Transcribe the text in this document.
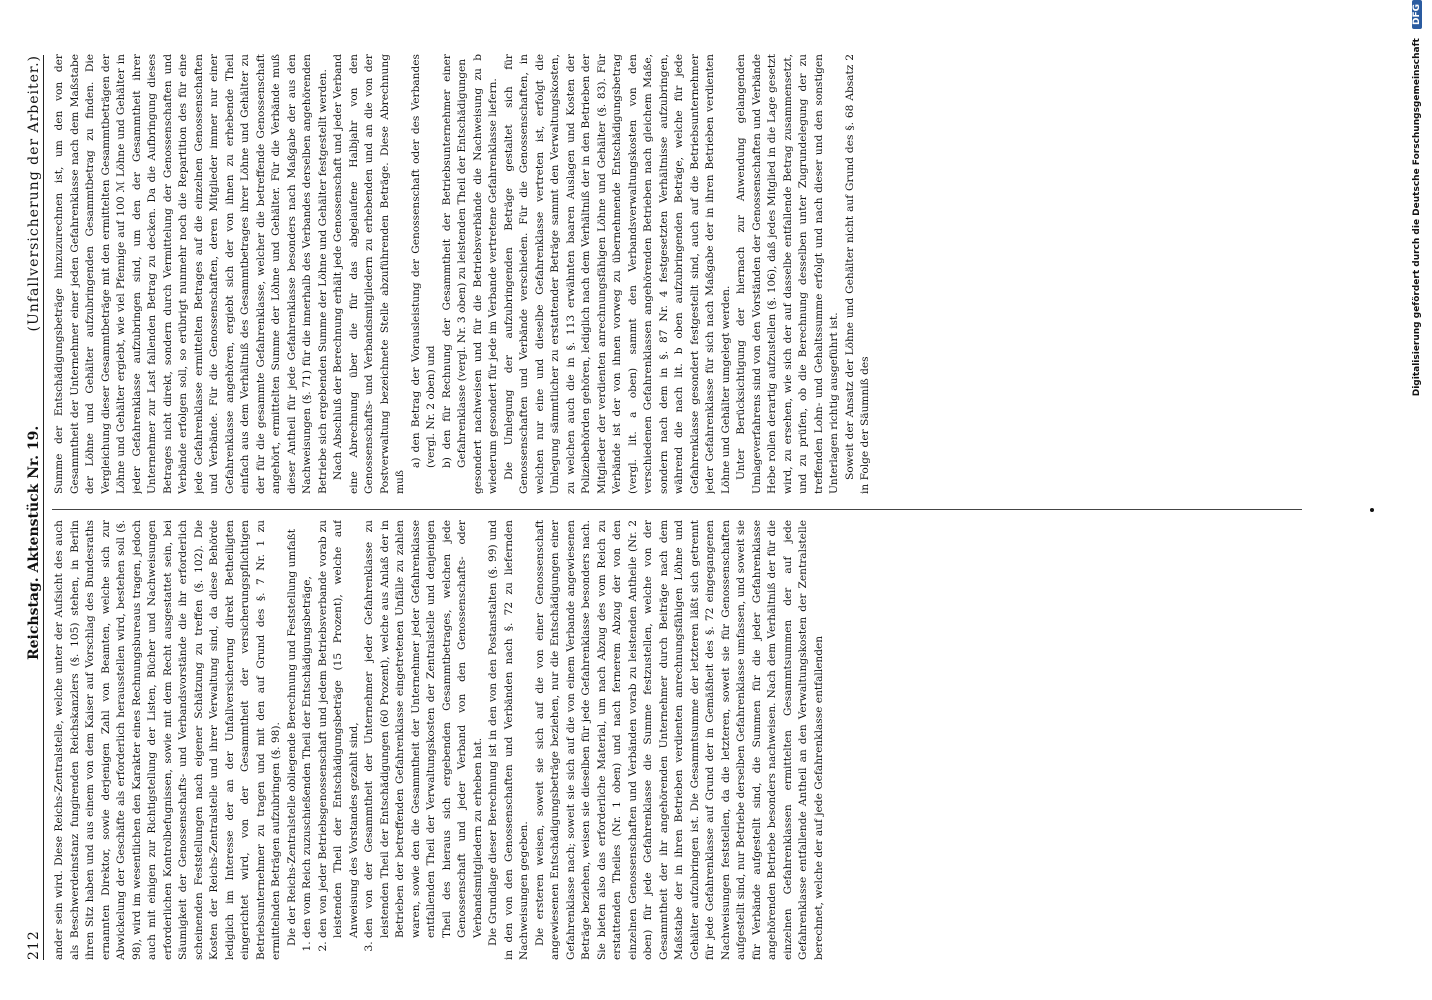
212
Reichstag. Aktenstück Nr. 19.
(Unfallversicherung der Arbeiter.)

ander sein wird. Diese Reichs-Zentralstelle, welche unter der Aufsicht des auch als Beschwerdeinstanz fungirenden Reichskanzlers (§. 105) stehen, in Berlin ihren Sitz haben und aus einem von dem Kaiser auf Vorschlag des Bundesraths ernannten Direktor, sowie derjenigen Zahl von Beamten, welche sich zur Abwickelung der Geschäfte als erforderlich herausstellen wird, bestehen soll (§. 98), wird im wesentlichen den Karakter eines Rechnungsbureaus tragen, jedoch auch mit einigen zur Richtigstellung der Listen, Bücher und Nachweisungen erforderlichen Kontrolbefugnissen, sowie mit dem Recht ausgestattet sein, bei Säumigkeit der Genossenschafts- und Verbandsvorstände die ihr erforderlich scheinenden Feststellungen nach eigener Schätzung zu treffen (§. 102). Die Kosten der Reichs-Zentralstelle und ihrer Verwaltung sind, da diese Behörde lediglich im Interesse der an der Unfallversicherung direkt Betheiligten eingerichtet wird, von der Gesammtheit der versicherungspflichtigen Betriebsunternehmer zu tragen und mit den auf Grund des §. 7 Nr. 1 zu ermittelnden Beträgen aufzubringen (§. 98). Die der Reichs-Zentralstelle obliegende Berechnung und Feststellung umfaßt 1. den vom Reich zuzuschießenden Theil der Entschädigungsbeträge, 2. den von jeder Betriebsgenossenschaft und jedem Betriebsverbande vorab zu leistenden Theil der Entschädigungsbeträge (15 Prozent), welche auf Anweisung des Vorstandes gezahlt sind, 3. den von der Gesammtheit der Unternehmer jeder Gefahrenklasse zu leistenden Theil der Entschädigungen (60 Prozent), welche aus Anlaß der in Betrieben der betreffenden Gefahrenklasse eingetretenen Unfälle zu zahlen waren, sowie den die Gesammtheit der Unternehmer jeder Gefahrenklasse entfallenden Theil der Verwaltungskosten der Zentralstelle und denjenigen Theil des hieraus sich ergebenden Gesammtbetrages, welchen jede Genossenschaft und jeder Verband von den Genossenschafts- oder Verbandsmitgliedern zu erheben hat. Die Grundlage dieser Berechnung ist in den von den Postanstalten (§. 99) und in den von den Genossenschaften und Verbänden nach §. 72 zu liefernden Nachweisungen gegeben. Die ersteren weisen, soweit sie sich auf die von einer Genossenschaft angewiesenen Entschädigungsbeträge beziehen, nur die Entschädigungen einer Gefahrenklasse nach; soweit sie sich auf die von einem Verbande angewiesenen Beträge beziehen, weisen sie dieselben für jede Gefahrenklasse besonders nach. Sie bieten also das erforderliche Material, um nach Abzug des vom Reich zu erstattenden Theiles (Nr. 1 oben) und nach fernerem Abzug der von den einzelnen Genossenschaften und Verbänden vorab zu leistenden Antheile (Nr. 2 oben) für jede Gefahrenklasse die Summe festzustellen, welche von der Gesammtheit der ihr angehörenden Unternehmer durch Beiträge nach dem Maßstabe der in ihren Betrieben verdienten anrechnungsfähigen Löhne und Gehälter aufzubringen ist. Die Gesammtsumme der letzteren läßt sich getrennt für jede Gefahrenklasse auf Grund der in Gemäßheit des §. 72 eingegangenen Nachweisungen feststellen, da die letzteren, soweit sie für Genossenschaften aufgestellt sind, nur Betriebe derselben Gefahrenklasse umfassen, und soweit sie für Verbände aufgestellt sind, die Summen für die jeder Gefahrenklasse angehörenden Betriebe besonders nachweisen. Nach dem Verhältniß der für die einzelnen Gefahrenklassen ermittelten Gesammtsummen der auf jede Gefahrenklasse entfallende Antheil an den Verwaltungskosten der Zentralstelle berechnet, welche der auf jede Gefahrenklasse entfallenden

Summe der Entschädigungsbeträge hinzuzurechnen ist, um den von der Gesammtheit der Unternehmer einer jeden Gefahrenklasse nach dem Maßstabe der Löhne und Gehälter aufzubringenden Gesammtbetrag zu finden. Die Vergleichung dieser Gesammtbeträge mit den ermittelten Gesammtbeträgen der Löhne und Gehälter ergiebt, wie viel Pfennige auf 100 ℳ Löhne und Gehälter in jeder Gefahrenklasse aufzubringen sind, um den der Gesammtheit ihrer Unternehmer zur Last fallenden Betrag zu decken. Da die Aufbringung dieses Betrages nicht direkt, sondern durch Vermittelung der Genossenschaften und Verbände erfolgen soll, so erübrigt nunmehr noch die Repartition des für eine jede Gefahrenklasse ermittelten Betrages auf die einzelnen Genossenschaften und Verbände. Für die Genossenschaften, deren Mitglieder immer nur einer Gefahrenklasse angehören, ergiebt sich der von ihnen zu erhebende Theil einfach aus dem Verhältniß des Gesammtbetrages ihrer Löhne und Gehälter zu der für die gesammte Gefahrenklasse, welcher die betreffende Genossenschaft angehört, ermittelten Summe der Löhne und Gehälter. Für die Verbände muß dieser Antheil für jede Gefahrenklasse besonders nach Maßgabe der aus den Nachweisungen (§. 71) für die innerhalb des Verbandes derselben angehörenden Betriebe sich ergebenden Summe der Löhne und Gehälter festgestellt werden. Nach Abschluß der Berechnung erhält jede Genossenschaft und jeder Verband eine Abrechnung über die für das abgelaufene Halbjahr von den Genossenschafts- und Verbandsmitgliedern zu erhebenden und an die von der Postverwaltung bezeichnete Stelle abzuführenden Beträge. Diese Abrechnung muß

a) den Betrag der Vorausleistung der Genossenschaft oder des Verbandes (vergl. Nr. 2 oben) und b) den für Rechnung der Gesammtheit der Betriebsunternehmer einer Gefahrenklasse (vergl. Nr. 3 oben) zu leistenden Theil der Entschädigungen gesondert nachweisen und für die Betriebsverbände die Nachweisung zu b wiederum gesondert für jede im Verbande vertretene Gefahrenklasse liefern. Die Umlegung der aufzubringenden Beträge gestaltet sich für Genossenschaften und Verbände verschieden. Für die Genossenschaften, in welchen nur eine und dieselbe Gefahrenklasse vertreten ist, erfolgt die Umlegung sämmtlicher zu erstattender Beträge sammt den Verwaltungskosten, zu welchen auch die in §. 113 erwähnten baaren Auslagen und Kosten der Polizeibehörden gehören, lediglich nach dem Verhältniß der in den Betrieben der Mitglieder der verdienten anrechnungsfähigen Löhne und Gehälter (§. 83). Für Verbände ist der von ihnen vorweg zu übernehmende Entschädigungsbetrag (vergl. lit. a oben) sammt den Verbandsverwaltungskosten von den verschiedenen Gefahrenklassen angehörenden Betrieben nach gleichem Maße, sondern nach dem in §. 87 Nr. 4 festgesetzten Verhältnisse aufzubringen, während die nach lit. b oben aufzubringenden Beträge, welche für jede Gefahrenklasse gesondert festgestellt sind, auch auf die Betriebsunternehmer jeder Gefahrenklasse für sich nach Maßgabe der in ihren Betrieben verdienten Löhne und Gehälter umgelegt werden. Unter Berücksichtigung der hiernach zur Anwendung gelangenden Umlageverfahrens sind von den Vorständen der Genossenschaften und Verbände Hebe rollen derartig aufzustellen (§. 106), daß jedes Mitglied in die Lage gesetzt wird, zu ersehen, wie sich der auf dasselbe entfallende Betrag zusammensetzt, und zu prüfen, ob die Berechnung desselben unter Zugrundelegung der zu treffenden Lohn- und Gehaltssumme erfolgt und nach dieser und den sonstigen Unterlagen richtig ausgeführt ist. Soweit der Ansatz der Löhne und Gehälter nicht auf Grund des §. 68 Absatz 2 in Folge der Säumniß des

Digitalisierung gefördert durch die Deutsche Forschungsgemeinschaft DFG
